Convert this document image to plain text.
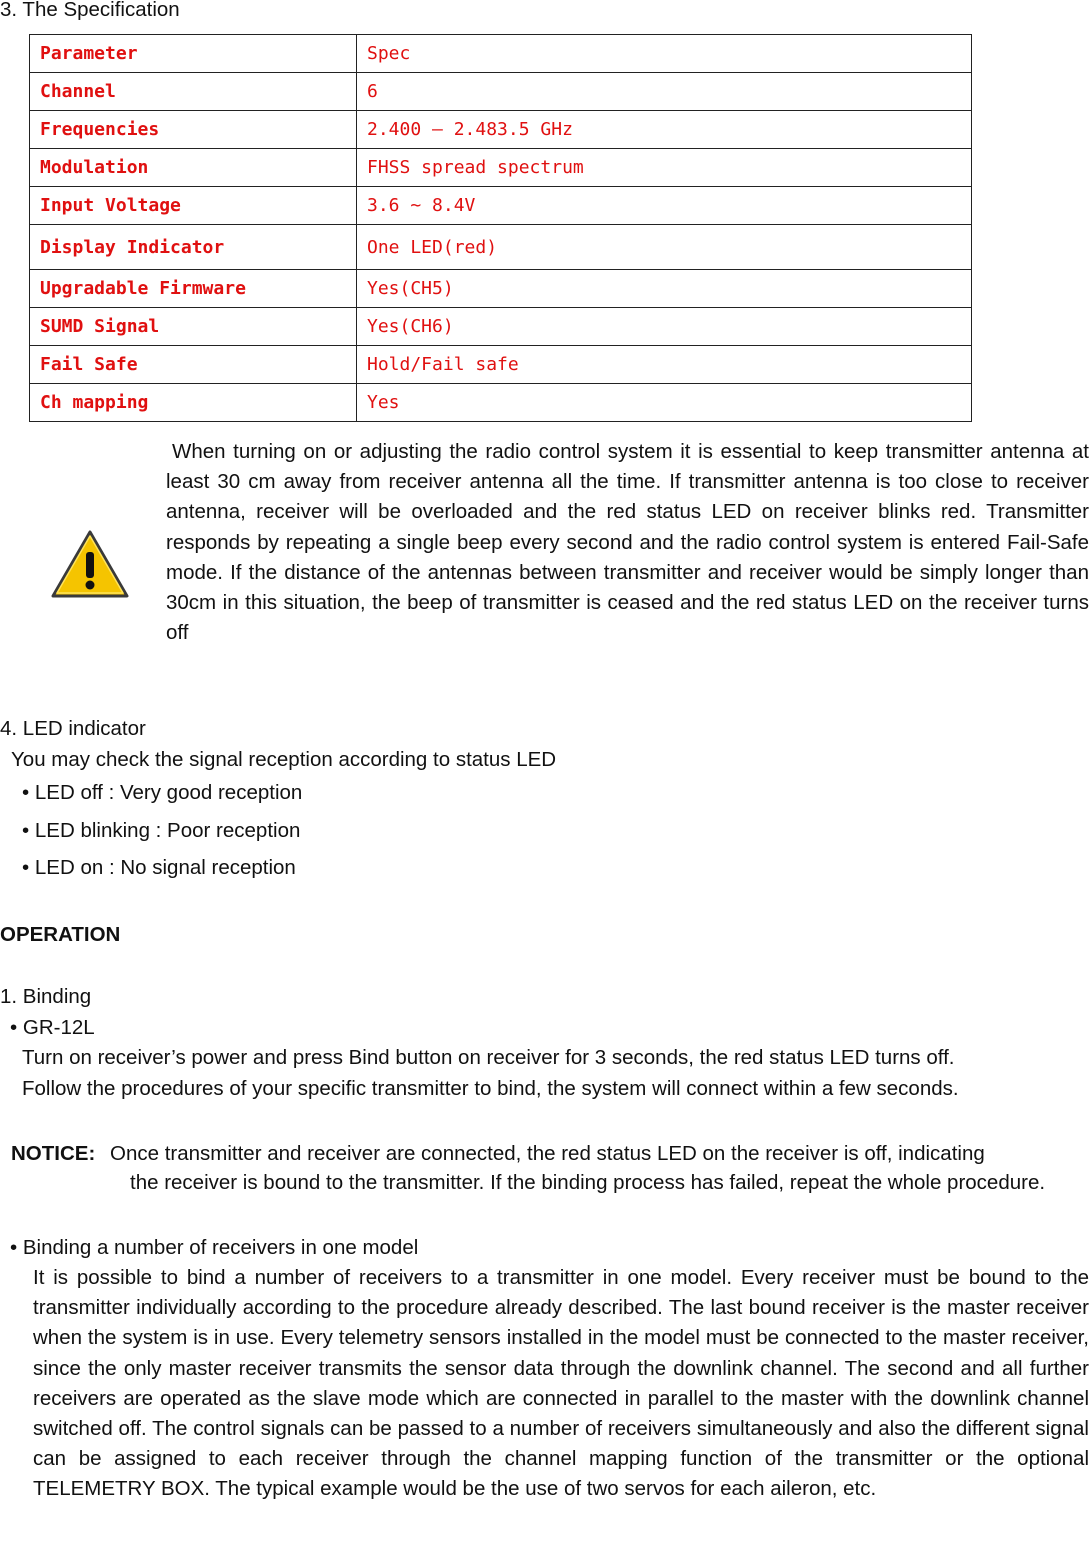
3. The Specification
Parameter	Spec
Channel	6
Frequencies	2.400 – 2.483.5 GHz
Modulation	FHSS spread spectrum
Input Voltage	3.6 ~ 8.4V
Display Indicator	One LED(red)
Upgradable Firmware	Yes(CH5)
SUMD Signal	Yes(CH6)
Fail Safe	Hold/Fail safe
Ch mapping	Yes
When turning on or adjusting the radio control system it is essential to keep transmitter antenna at least 30 cm away from receiver antenna all the time. If transmitter antenna is too close to receiver antenna, receiver will be overloaded and the red status LED on receiver blinks red. Transmitter responds by repeating a single beep every second and the radio control system is entered Fail-Safe mode. If the distance of the antennas between transmitter and receiver would be simply longer than 30cm in this situation, the beep of transmitter is ceased and the red status LED on the receiver turns off
4. LED indicator
You may check the signal reception according to status LED
• LED off : Very good reception
• LED blinking : Poor reception
• LED on : No signal reception
OPERATION
1. Binding
• GR-12L
Turn on receiver’s power and press Bind button on receiver for 3 seconds, the red status LED turns off.
Follow the procedures of your specific transmitter to bind, the system will connect within a few seconds.
NOTICE: Once transmitter and receiver are connected, the red status LED on the receiver is off, indicating
the receiver is bound to the transmitter. If the binding process has failed, repeat the whole procedure.
• Binding a number of receivers in one model
It is possible to bind a number of receivers to a transmitter in one model. Every receiver must be bound to the transmitter individually according to the procedure already described. The last bound receiver is the master receiver when the system is in use. Every telemetry sensors installed in the model must be connected to the master receiver, since the only master receiver transmits the sensor data through the downlink channel. The second and all further receivers are operated as the slave mode which are connected in parallel to the master with the downlink channel switched off. The control signals can be passed to a number of receivers simultaneously and also the different signal can be assigned to each receiver through the channel mapping function of the transmitter or the optional TELEMETRY BOX. The typical example would be the use of two servos for each aileron, etc.
